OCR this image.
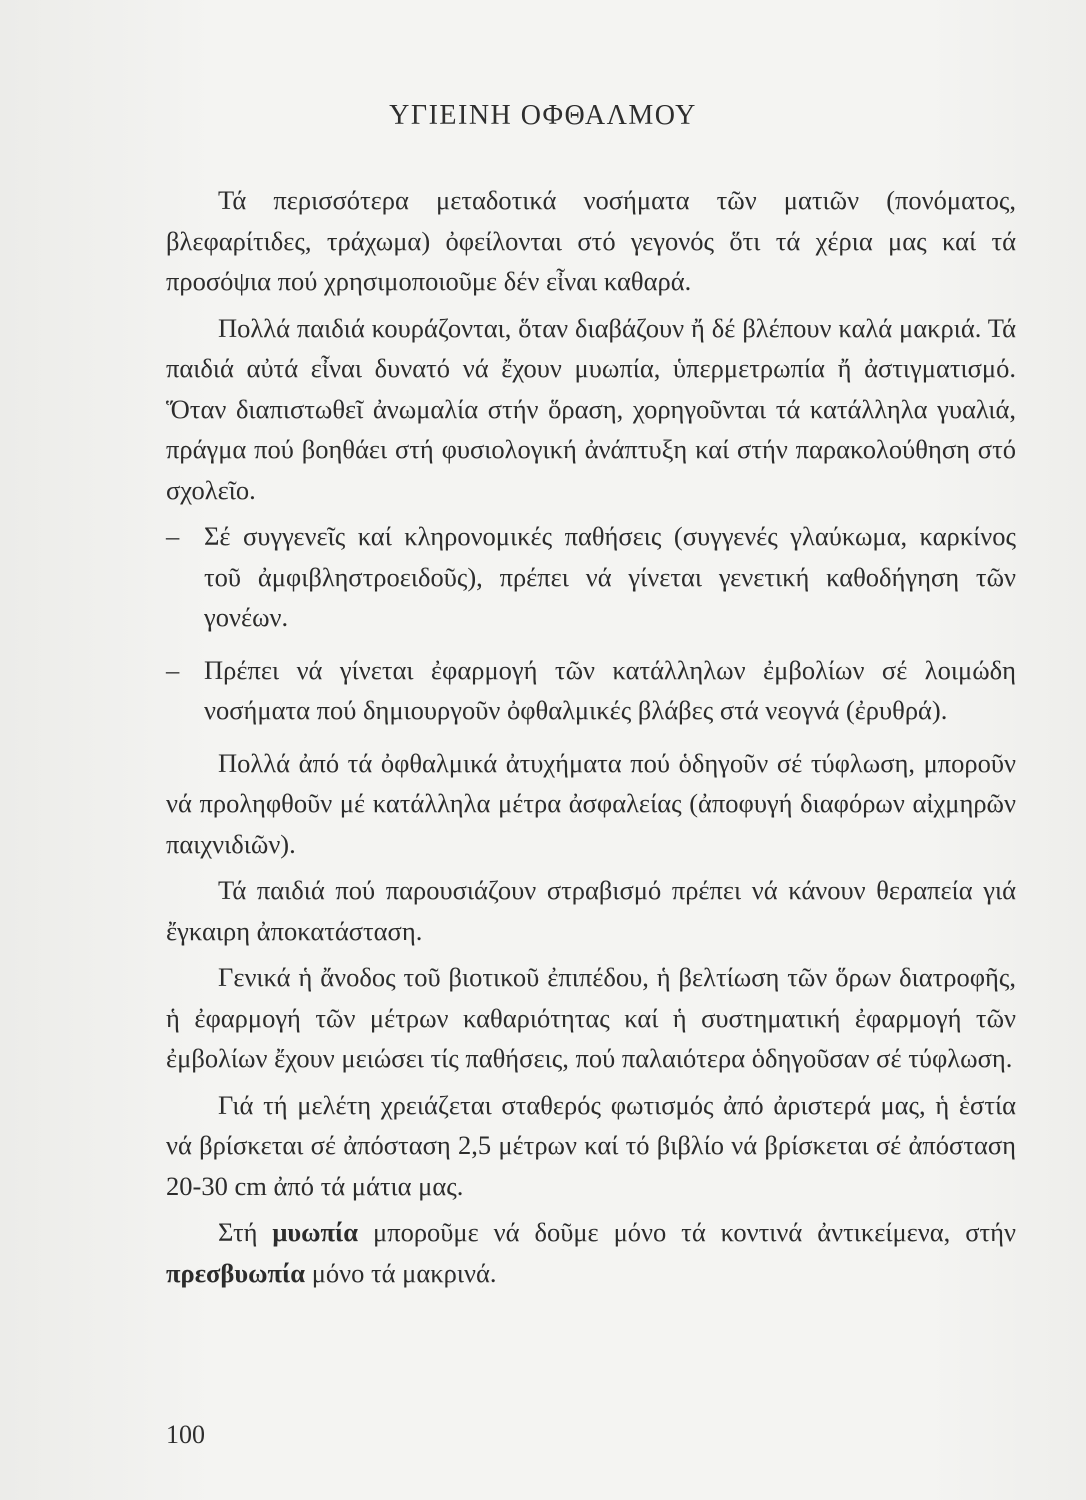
ΥΓΙΕΙΝΗ ΟΦΘΑΛΜΟΥ

Τά περισσότερα μεταδοτικά νοσήματα τῶν ματιῶν (πονόματος, βλεφαρίτιδες, τράχωμα) ὀφείλονται στό γεγονός ὅτι τά χέρια μας καί τά προσόψια πού χρησιμοποιοῦμε δέν εἶναι καθαρά.

Πολλά παιδιά κουράζονται, ὅταν διαβάζουν ἤ δέ βλέπουν καλά μακριά. Τά παιδιά αὐτά εἶναι δυνατό νά ἔχουν μυωπία, ὑπερμετρωπία ἤ ἀστιγματισμό. Ὅταν διαπιστωθεῖ ἀνωμαλία στήν ὅραση, χορηγοῦνται τά κατάλληλα γυαλιά, πράγμα πού βοηθάει στή φυσιολογική ἀνάπτυξη καί στήν παρακολούθηση στό σχολεῖο.

– Σέ συγγενεῖς καί κληρονομικές παθήσεις (συγγενές γλαύκωμα, καρκίνος τοῦ ἀμφιβληστροειδοῦς), πρέπει νά γίνεται γενετική καθοδήγηση τῶν γονέων.
– Πρέπει νά γίνεται ἐφαρμογή τῶν κατάλληλων ἐμβολίων σέ λοιμώδη νοσήματα πού δημιουργοῦν ὀφθαλμικές βλάβες στά νεογνά (ἐρυθρά).

Πολλά ἀπό τά ὀφθαλμικά ἀτυχήματα πού ὁδηγοῦν σέ τύφλωση, μποροῦν νά προληφθοῦν μέ κατάλληλα μέτρα ἀσφαλείας (ἀποφυγή διαφόρων αἰχμηρῶν παιχνιδιῶν).

Τά παιδιά πού παρουσιάζουν στραβισμό πρέπει νά κάνουν θεραπεία γιά ἔγκαιρη ἀποκατάσταση.

Γενικά ἡ ἄνοδος τοῦ βιοτικοῦ ἐπιπέδου, ἡ βελτίωση τῶν ὅρων διατροφῆς, ἡ ἐφαρμογή τῶν μέτρων καθαριότητας καί ἡ συστηματική ἐφαρμογή τῶν ἐμβολίων ἔχουν μειώσει τίς παθήσεις, πού παλαιότερα ὁδηγοῦσαν σέ τύφλωση.

Γιά τή μελέτη χρειάζεται σταθερός φωτισμός ἀπό ἀριστερά μας, ἡ ἑστία νά βρίσκεται σέ ἀπόσταση 2,5 μέτρων καί τό βιβλίο νά βρίσκεται σέ ἀπόσταση 20-30 cm ἀπό τά μάτια μας.

Στή μυωπία μποροῦμε νά δοῦμε μόνο τά κοντινά ἀντικείμενα, στήν πρεσβυωπία μόνο τά μακρινά.

100
